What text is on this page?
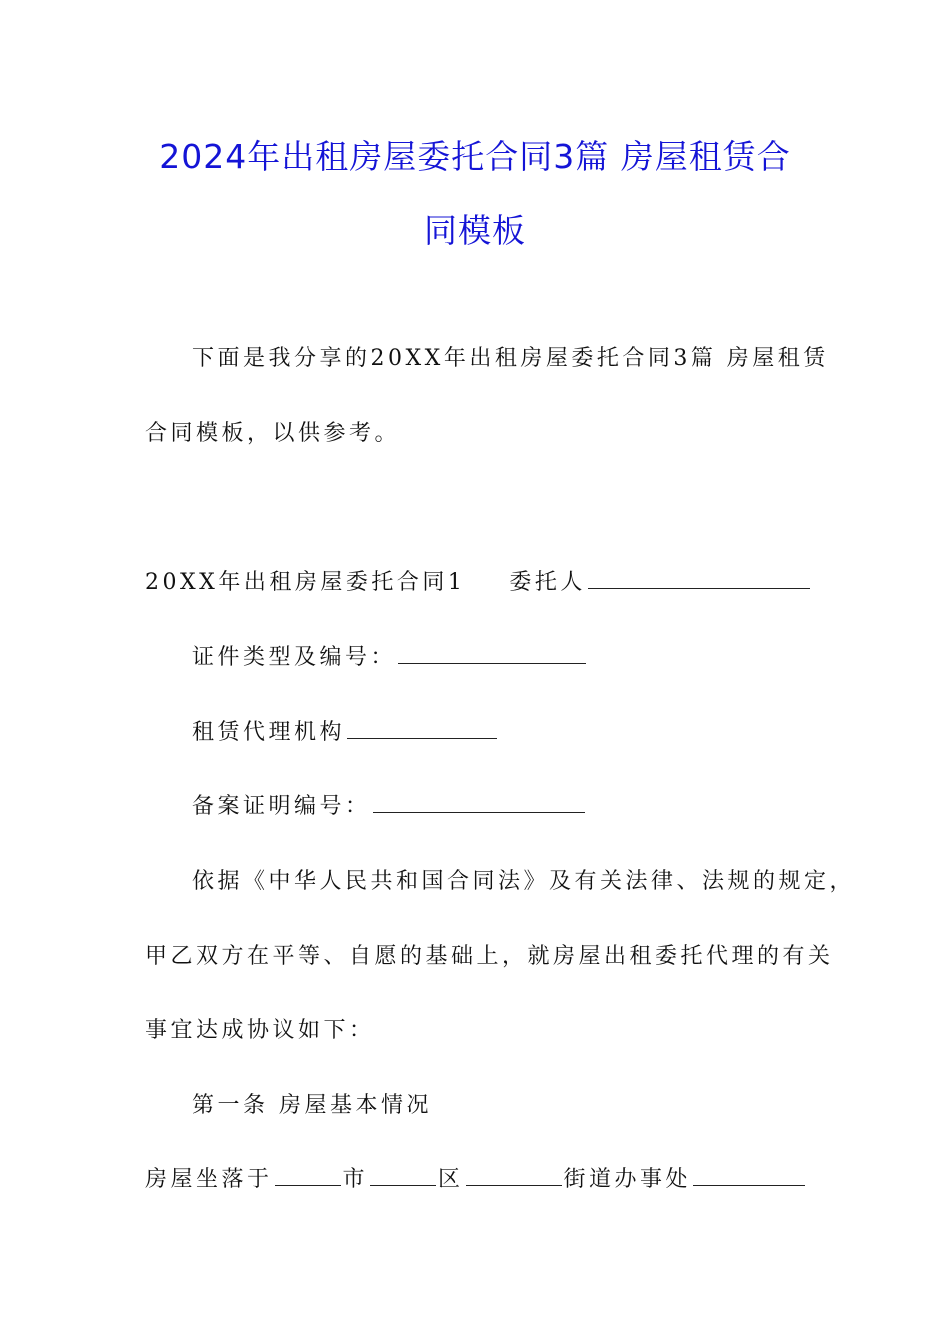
2024年出租房屋委托合同3篇 房屋租赁合
同模板
下面是我分享的20XX年出租房屋委托合同3篇 房屋租赁
合同模板，以供参考。
20XX年出租房屋委托合同1 委托人
证件类型及编号：
租赁代理机构
备案证明编号：
依据《中华人民共和国合同法》及有关法律、法规的规定，
甲乙双方在平等、自愿的基础上，就房屋出租委托代理的有关
事宜达成协议如下：
第一条 房屋基本情况
房屋坐落于	市	区	街道办事处
